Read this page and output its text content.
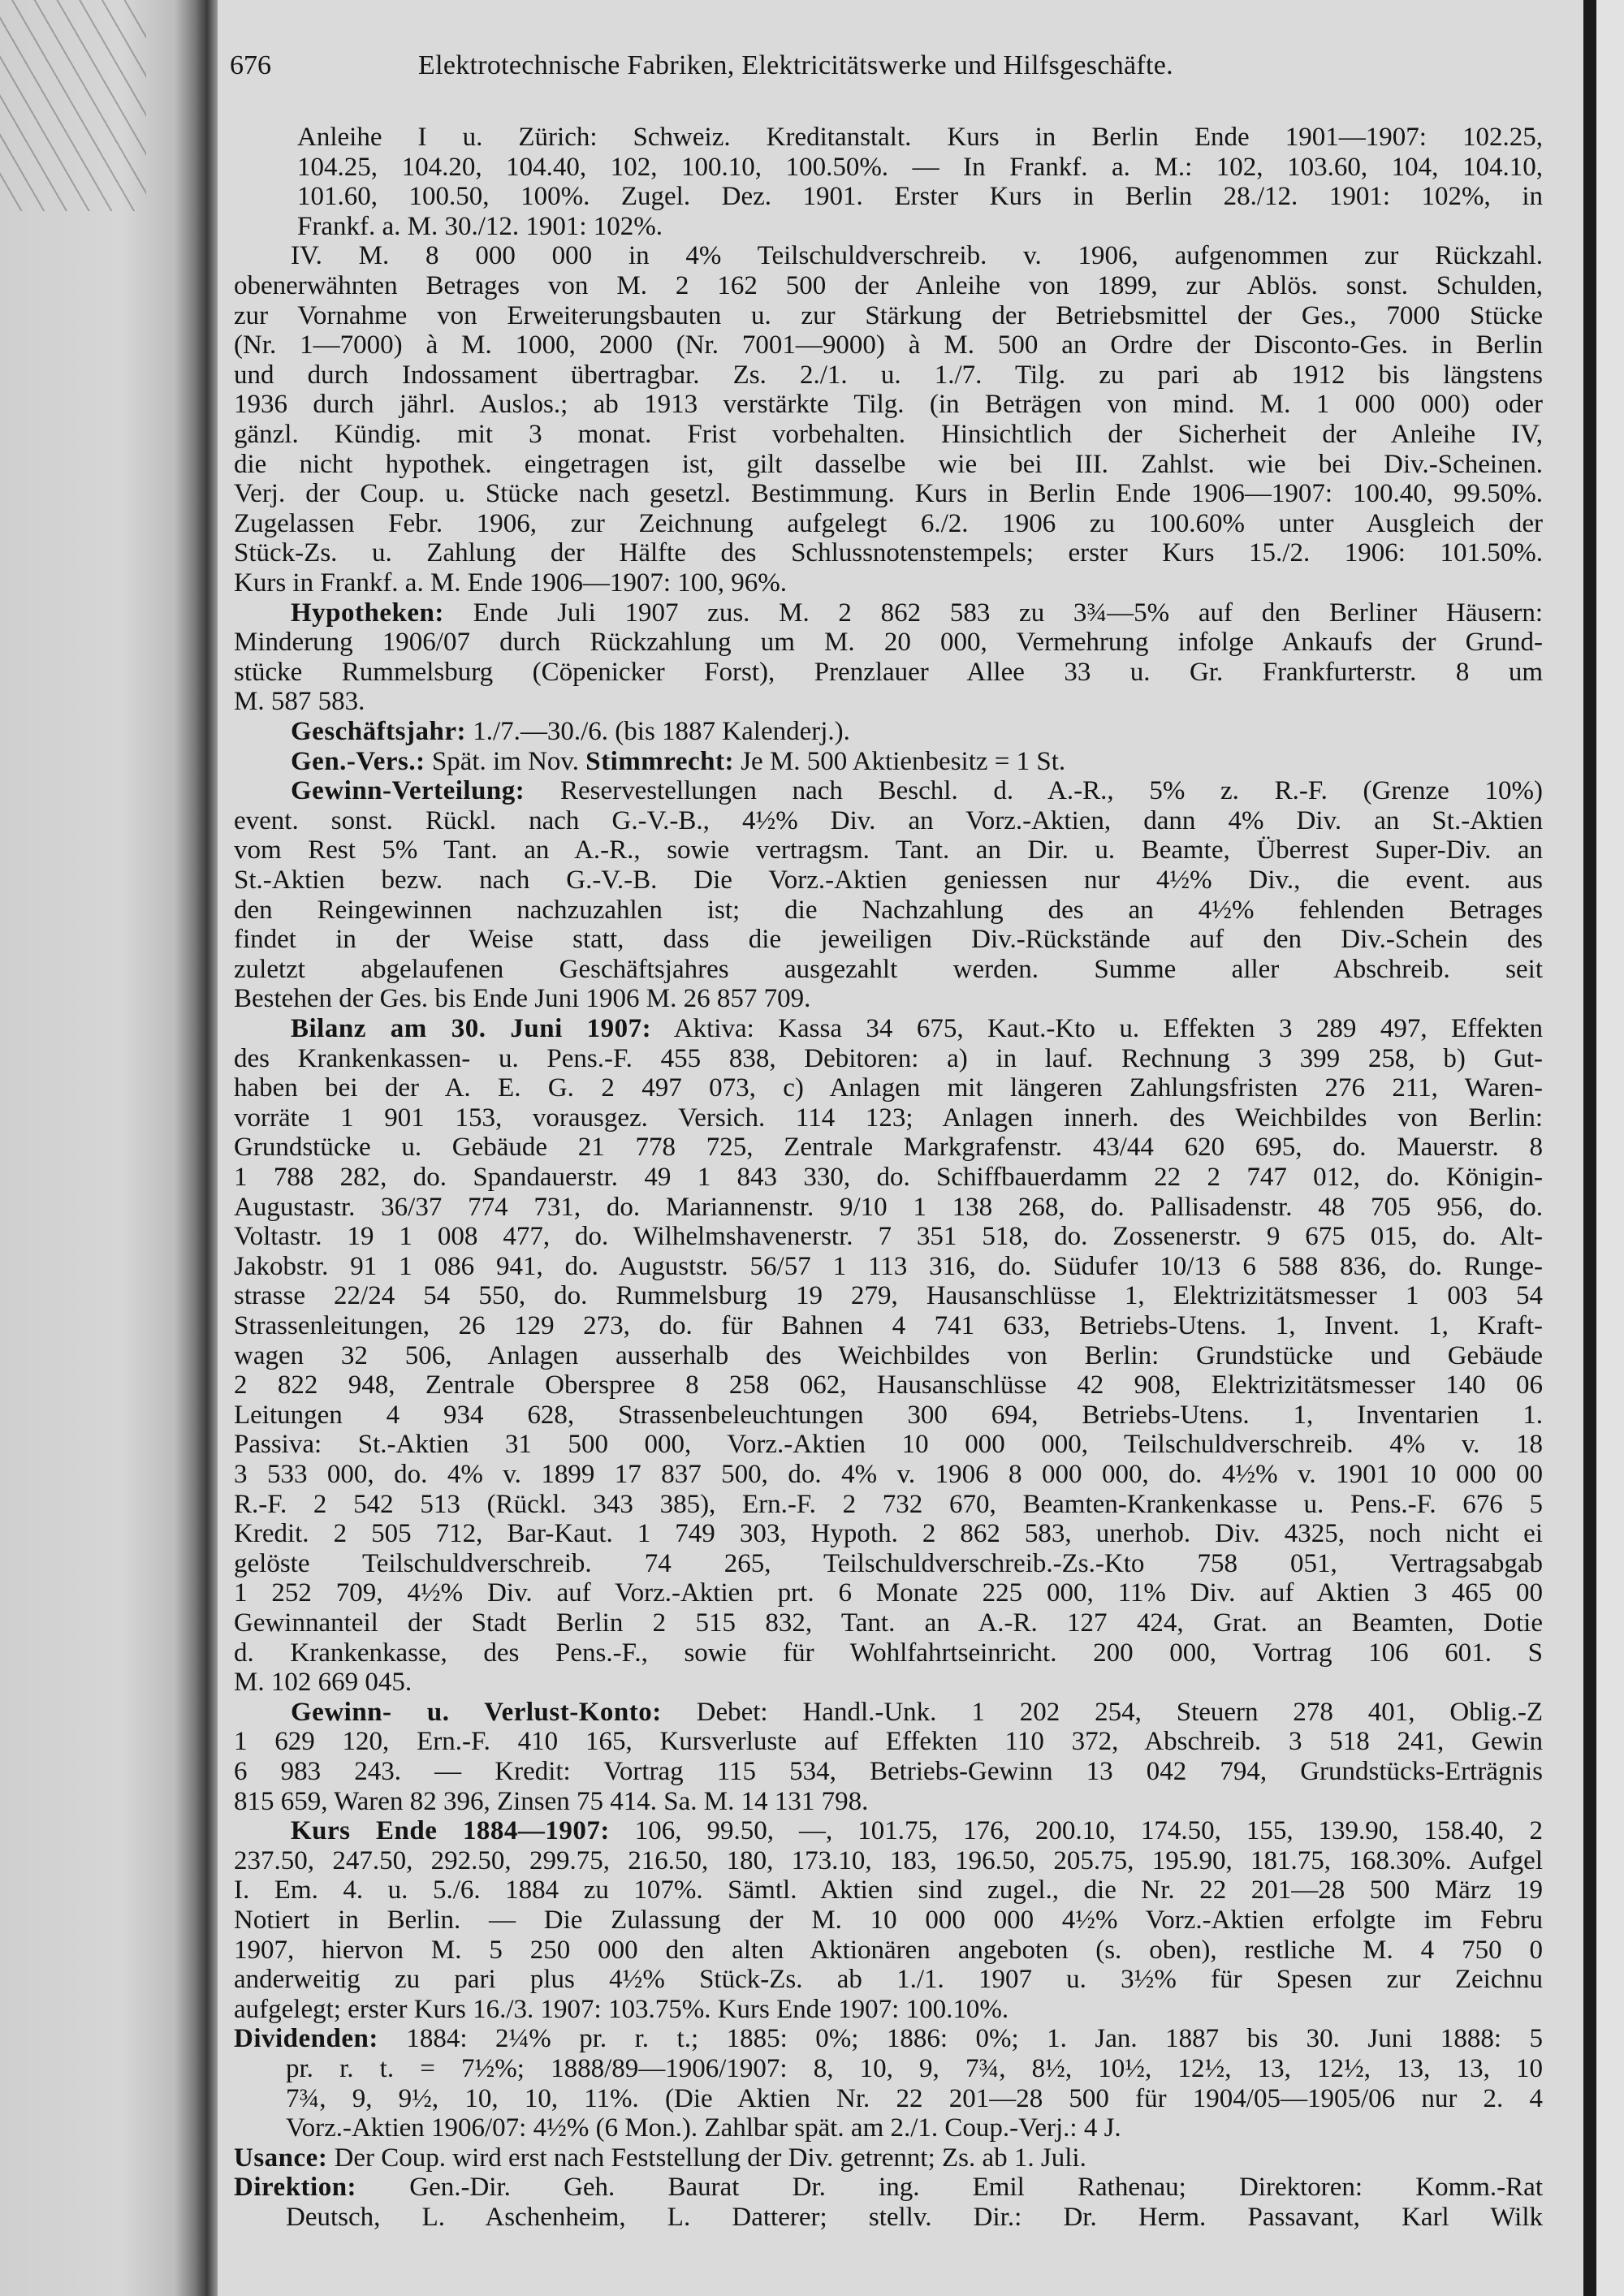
676	Elektrotechnische Fabriken, Elektricitätswerke und Hilfsgeschäfte.
Anleihe I u. Zürich: Schweiz. Kreditanstalt. Kurs in Berlin Ende 1901—1907: 102.25,
104.25, 104.20, 104.40, 102, 100.10, 100.50%. — In Frankf. a. M.: 102, 103.60, 104, 104.10,
101.60, 100.50, 100%. Zugel. Dez. 1901. Erster Kurs in Berlin 28./12. 1901: 102%, in
Frankf. a. M. 30./12. 1901: 102%.
IV. M. 8 000 000 in 4% Teilschuldverschreib. v. 1906, aufgenommen zur Rückzahl.
obenerwähnten Betrages von M. 2 162 500 der Anleihe von 1899, zur Ablös. sonst. Schulden,
zur Vornahme von Erweiterungsbauten u. zur Stärkung der Betriebsmittel der Ges., 7000 Stücke
(Nr. 1—7000) à M. 1000, 2000 (Nr. 7001—9000) à M. 500 an Ordre der Disconto-Ges. in Berlin
und durch Indossament übertragbar. Zs. 2./1. u. 1./7. Tilg. zu pari ab 1912 bis längstens
1936 durch jährl. Auslos.; ab 1913 verstärkte Tilg. (in Beträgen von mind. M. 1 000 000) oder
gänzl. Kündig. mit 3 monat. Frist vorbehalten. Hinsichtlich der Sicherheit der Anleihe IV,
die nicht hypothek. eingetragen ist, gilt dasselbe wie bei III. Zahlst. wie bei Div.-Scheinen.
Verj. der Coup. u. Stücke nach gesetzl. Bestimmung. Kurs in Berlin Ende 1906—1907: 100.40, 99.50%.
Zugelassen Febr. 1906, zur Zeichnung aufgelegt 6./2. 1906 zu 100.60% unter Ausgleich der
Stück-Zs. u. Zahlung der Hälfte des Schlussnotenstempels; erster Kurs 15./2. 1906: 101.50%.
Kurs in Frankf. a. M. Ende 1906—1907: 100, 96%.
Hypotheken: Ende Juli 1907 zus. M. 2 862 583 zu 3¾—5% auf den Berliner Häusern:
Minderung 1906/07 durch Rückzahlung um M. 20 000, Vermehrung infolge Ankaufs der Grund-
stücke Rummelsburg (Cöpenicker Forst), Prenzlauer Allee 33 u. Gr. Frankfurterstr. 8 um
M. 587 583.
Geschäftsjahr: 1./7.—30./6. (bis 1887 Kalenderj.).
Gen.-Vers.: Spät. im Nov. Stimmrecht: Je M. 500 Aktienbesitz = 1 St.
Gewinn-Verteilung: Reservestellungen nach Beschl. d. A.-R., 5% z. R.-F. (Grenze 10%)
event. sonst. Rückl. nach G.-V.-B., 4½% Div. an Vorz.-Aktien, dann 4% Div. an St.-Aktien
vom Rest 5% Tant. an A.-R., sowie vertragsm. Tant. an Dir. u. Beamte, Überrest Super-Div. an
St.-Aktien bezw. nach G.-V.-B. Die Vorz.-Aktien geniessen nur 4½% Div., die event. aus
den Reingewinnen nachzuzahlen ist; die Nachzahlung des an 4½% fehlenden Betrages
findet in der Weise statt, dass die jeweiligen Div.-Rückstände auf den Div.-Schein des
zuletzt abgelaufenen Geschäftsjahres ausgezahlt werden. Summe aller Abschreib. seit
Bestehen der Ges. bis Ende Juni 1906 M. 26 857 709.
Bilanz am 30. Juni 1907: Aktiva: Kassa 34 675, Kaut.-Kto u. Effekten 3 289 497, Effekten
des Krankenkassen- u. Pens.-F. 455 838, Debitoren: a) in lauf. Rechnung 3 399 258, b) Gut-
haben bei der A. E. G. 2 497 073, c) Anlagen mit längeren Zahlungsfristen 276 211, Waren-
vorräte 1 901 153, vorausgez. Versich. 114 123; Anlagen innerh. des Weichbildes von Berlin:
Grundstücke u. Gebäude 21 778 725, Zentrale Markgrafenstr. 43/44 620 695, do. Mauerstr. 8
1 788 282, do. Spandauerstr. 49 1 843 330, do. Schiffbauerdamm 22 2 747 012, do. Königin-
Augustastr. 36/37 774 731, do. Mariannenstr. 9/10 1 138 268, do. Pallisadenstr. 48 705 956, do.
Voltastr. 19 1 008 477, do. Wilhelmshavenerstr. 7 351 518, do. Zossenerstr. 9 675 015, do. Alt-
Jakobstr. 91 1 086 941, do. Auguststr. 56/57 1 113 316, do. Südufer 10/13 6 588 836, do. Runge-
strasse 22/24 54 550, do. Rummelsburg 19 279, Hausanschlüsse 1, Elektrizitätsmesser 1 003 54
Strassenleitungen, 26 129 273, do. für Bahnen 4 741 633, Betriebs-Utens. 1, Invent. 1, Kraft-
wagen 32 506, Anlagen ausserhalb des Weichbildes von Berlin: Grundstücke und Gebäude
2 822 948, Zentrale Oberspree 8 258 062, Hausanschlüsse 42 908, Elektrizitätsmesser 140 06
Leitungen 4 934 628, Strassenbeleuchtungen 300 694, Betriebs-Utens. 1, Inventarien 1.
Passiva: St.-Aktien 31 500 000, Vorz.-Aktien 10 000 000, Teilschuldverschreib. 4% v. 18
3 533 000, do. 4% v. 1899 17 837 500, do. 4% v. 1906 8 000 000, do. 4½% v. 1901 10 000 00
R.-F. 2 542 513 (Rückl. 343 385), Ern.-F. 2 732 670, Beamten-Krankenkasse u. Pens.-F. 676 5
Kredit. 2 505 712, Bar-Kaut. 1 749 303, Hypoth. 2 862 583, unerhob. Div. 4325, noch nicht ei
gelöste Teilschuldverschreib. 74 265, Teilschuldverschreib.-Zs.-Kto 758 051, Vertragsabgab
1 252 709, 4½% Div. auf Vorz.-Aktien prt. 6 Monate 225 000, 11% Div. auf Aktien 3 465 00
Gewinnanteil der Stadt Berlin 2 515 832, Tant. an A.-R. 127 424, Grat. an Beamten, Dotie
d. Krankenkasse, des Pens.-F., sowie für Wohlfahrtseinricht. 200 000, Vortrag 106 601. S
M. 102 669 045.
Gewinn- u. Verlust-Konto: Debet: Handl.-Unk. 1 202 254, Steuern 278 401, Oblig.-Z
1 629 120, Ern.-F. 410 165, Kursverluste auf Effekten 110 372, Abschreib. 3 518 241, Gewin
6 983 243. — Kredit: Vortrag 115 534, Betriebs-Gewinn 13 042 794, Grundstücks-Erträgnis
815 659, Waren 82 396, Zinsen 75 414. Sa. M. 14 131 798.
Kurs Ende 1884—1907: 106, 99.50, —, 101.75, 176, 200.10, 174.50, 155, 139.90, 158.40, 2
237.50, 247.50, 292.50, 299.75, 216.50, 180, 173.10, 183, 196.50, 205.75, 195.90, 181.75, 168.30%. Aufgel
I. Em. 4. u. 5./6. 1884 zu 107%. Sämtl. Aktien sind zugel., die Nr. 22 201—28 500 März 19
Notiert in Berlin. — Die Zulassung der M. 10 000 000 4½% Vorz.-Aktien erfolgte im Febru
1907, hiervon M. 5 250 000 den alten Aktionären angeboten (s. oben), restliche M. 4 750 0
anderweitig zu pari plus 4½% Stück-Zs. ab 1./1. 1907 u. 3½% für Spesen zur Zeichnu
aufgelegt; erster Kurs 16./3. 1907: 103.75%. Kurs Ende 1907: 100.10%.
Dividenden: 1884: 2¼% pr. r. t.; 1885: 0%; 1886: 0%; 1. Jan. 1887 bis 30. Juni 1888: 5
pr. r. t. = 7½%; 1888/89—1906/1907: 8, 10, 9, 7¾, 8½, 10½, 12½, 13, 12½, 13, 13, 10
7¾, 9, 9½, 10, 10, 11%. (Die Aktien Nr. 22 201—28 500 für 1904/05—1905/06 nur 2. 4
Vorz.-Aktien 1906/07: 4½% (6 Mon.). Zahlbar spät. am 2./1. Coup.-Verj.: 4 J.
Usance: Der Coup. wird erst nach Feststellung der Div. getrennt; Zs. ab 1. Juli.
Direktion: Gen.-Dir. Geh. Baurat Dr. ing. Emil Rathenau; Direktoren: Komm.-Rat
Deutsch, L. Aschenheim, L. Datterer; stellv. Dir.: Dr. Herm. Passavant, Karl Wilk
